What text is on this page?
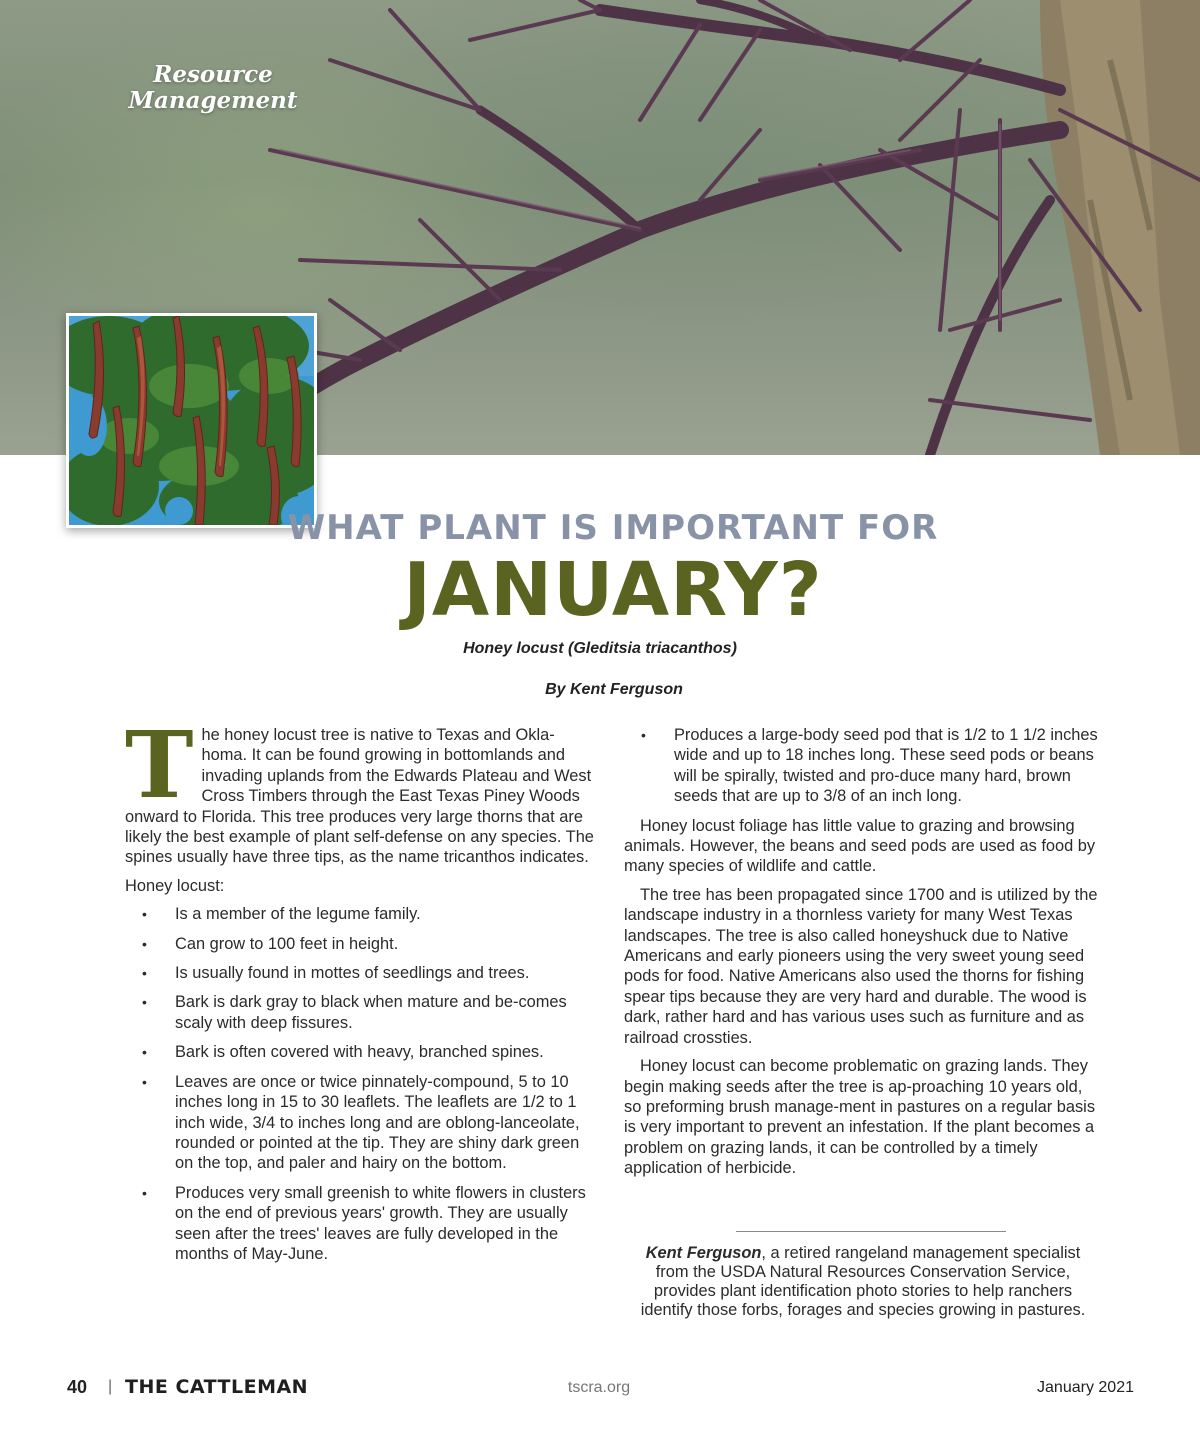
Resource
Management
WHAT PLANT IS IMPORTANT FOR
JANUARY?
Honey locust (Gleditsia triacanthos)
By Kent Ferguson

The honey locust tree is native to Texas and Okla-homa. It can be found growing in bottomlands and invading uplands from the Edwards Plateau and West Cross Timbers through the East Texas Piney Woods onward to Florida. This tree produces very large thorns that are likely the best example of plant self-defense on any species. The spines usually have three tips, as the name tricanthos indicates.

Honey locust:

• Is a member of the legume family.
• Can grow to 100 feet in height.
• Is usually found in mottes of seedlings and trees.
• Bark is dark gray to black when mature and be-comes scaly with deep fissures.
• Bark is often covered with heavy, branched spines.
• Leaves are once or twice pinnately-compound, 5 to 10 inches long in 15 to 30 leaflets. The leaflets are 1/2 to 1 inch wide, 3/4 to inches long and are oblong-lanceolate, rounded or pointed at the tip. They are shiny dark green on the top, and paler and hairy on the bottom.
• Produces very small greenish to white flowers in clusters on the end of previous years' growth. They are usually seen after the trees' leaves are fully developed in the months of May-June.
• Produces a large-body seed pod that is 1/2 to 1 1/2 inches wide and up to 18 inches long. These seed pods or beans will be spirally, twisted and pro-duce many hard, brown seeds that are up to 3/8 of an inch long.

Honey locust foliage has little value to grazing and browsing animals. However, the beans and seed pods are used as food by many species of wildlife and cattle.

The tree has been propagated since 1700 and is utilized by the landscape industry in a thornless variety for many West Texas landscapes. The tree is also called honeyshuck due to Native Americans and early pioneers using the very sweet young seed pods for food. Native Americans also used the thorns for fishing spear tips because they are very hard and durable. The wood is dark, rather hard and has various uses such as furniture and as railroad crossties.

Honey locust can become problematic on grazing lands. They begin making seeds after the tree is ap-proaching 10 years old, so preforming brush manage-ment in pastures on a regular basis is very important to prevent an infestation. If the plant becomes a problem on grazing lands, it can be controlled by a timely application of herbicide.

Kent Ferguson, a retired rangeland management specialist from the USDA Natural Resources Conservation Service, provides plant identification photo stories to help ranchers identify those forbs, forages and species growing in pastures.
40 | THE CATTLEMAN	tscra.org	January 2021
